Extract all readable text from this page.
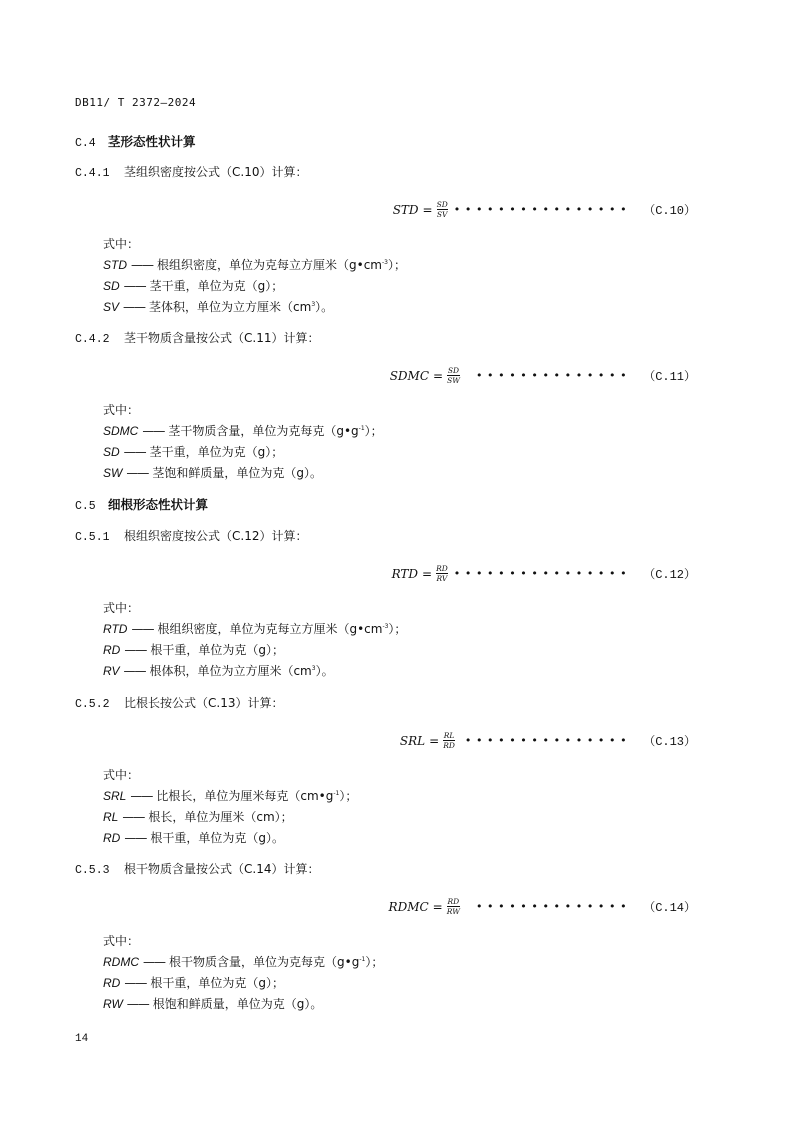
DB11/ T 2372—2024
C.4 茎形态性状计算
C.4.1 茎组织密度按公式（C.10）计算：
STD = $\frac{SD}{SV}$ •••••••••••••••• （C.10）
式中：
STD —— 根组织密度，单位为克每立方厘米$(g•cm^{-3})$；
SD —— 茎干重，单位为克（g）；
SV —— 茎体积，单位为立方厘米$(cm^3)$。
C.4.2 茎干物质含量按公式（C.11）计算：
SDMC = $\frac{SD}{SW}$ •••••••••••••• （C.11）
式中：
SDMC —— 茎干物质含量，单位为克每克$(g•g^{-1})$；
SD —— 茎干重，单位为克（g）；
SW —— 茎饱和鲜质量，单位为克（g）。
C.5 细根形态性状计算
C.5.1 根组织密度按公式（C.12）计算：
RTD = $\frac{RD}{RV}$ •••••••••••••••• （C.12）
式中：
RTD —— 根组织密度，单位为克每立方厘米$(g•cm^{-3})$；
RD —— 根干重，单位为克（g）；
RV —— 根体积，单位为立方厘米$(cm^3)$。
C.5.2 比根长按公式（C.13）计算：
SRL = $\frac{RL}{RD}$ ••••••••••••••• （C.13）
式中：
SRL —— 比根长，单位为厘米每克$(cm•g^{-1})$；
RL —— 根长，单位为厘米（cm）；
RD —— 根干重，单位为克（g）。
C.5.3 根干物质含量按公式（C.14）计算：
RDMC = $\frac{RD}{RW}$ •••••••••••••• （C.14）
式中：
RDMC —— 根干物质含量，单位为克每克$(g•g^{-1})$；
RD —— 根干重，单位为克（g）；
RW —— 根饱和鲜质量，单位为克（g）。
14
